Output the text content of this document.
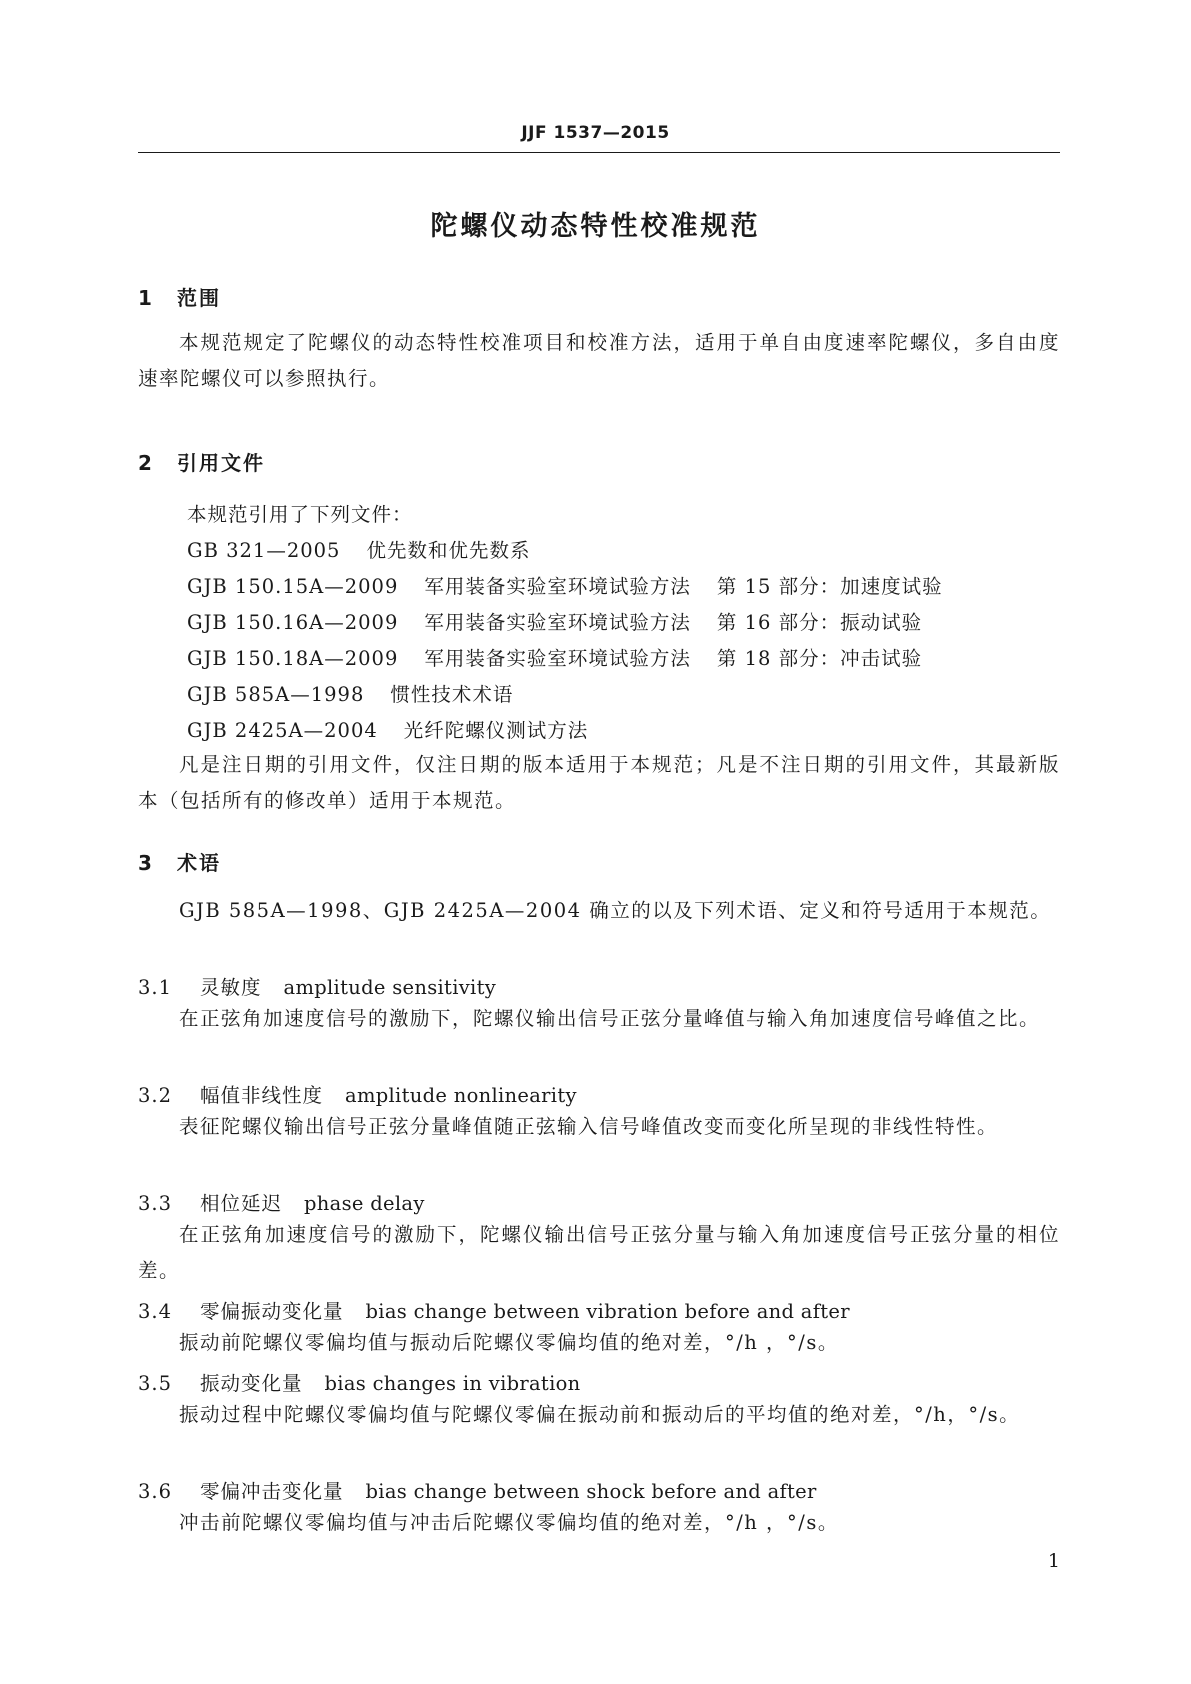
JJF 1537—2015
陀螺仪动态特性校准规范
1 范围
本规范规定了陀螺仪的动态特性校准项目和校准方法，适用于单自由度速率陀螺仪，多自由度速率陀螺仪可以参照执行。
2 引用文件
本规范引用了下列文件：
GB 321—2005 优先数和优先数系
GJB 150.15A—2009 军用装备实验室环境试验方法 第 15 部分：加速度试验
GJB 150.16A—2009 军用装备实验室环境试验方法 第 16 部分：振动试验
GJB 150.18A—2009 军用装备实验室环境试验方法 第 18 部分：冲击试验
GJB 585A—1998 惯性技术术语
GJB 2425A—2004 光纤陀螺仪测试方法
凡是注日期的引用文件，仅注日期的版本适用于本规范；凡是不注日期的引用文件，其最新版本（包括所有的修改单）适用于本规范。
3 术语
GJB 585A—1998、GJB 2425A—2004 确立的以及下列术语、定义和符号适用于本规范。
3.1 灵敏度 amplitude sensitivity
在正弦角加速度信号的激励下，陀螺仪输出信号正弦分量峰值与输入角加速度信号峰值之比。
3.2 幅值非线性度 amplitude nonlinearity
表征陀螺仪输出信号正弦分量峰值随正弦输入信号峰值改变而变化所呈现的非线性特性。
3.3 相位延迟 phase delay
在正弦角加速度信号的激励下，陀螺仪输出信号正弦分量与输入角加速度信号正弦分量的相位差。
3.4 零偏振动变化量 bias change between vibration before and after
振动前陀螺仪零偏均值与振动后陀螺仪零偏均值的绝对差，°/h ，°/s。
3.5 振动变化量 bias changes in vibration
振动过程中陀螺仪零偏均值与陀螺仪零偏在振动前和振动后的平均值的绝对差，°/h，°/s。
3.6 零偏冲击变化量 bias change between shock before and after
冲击前陀螺仪零偏均值与冲击后陀螺仪零偏均值的绝对差，°/h ，°/s。
1
